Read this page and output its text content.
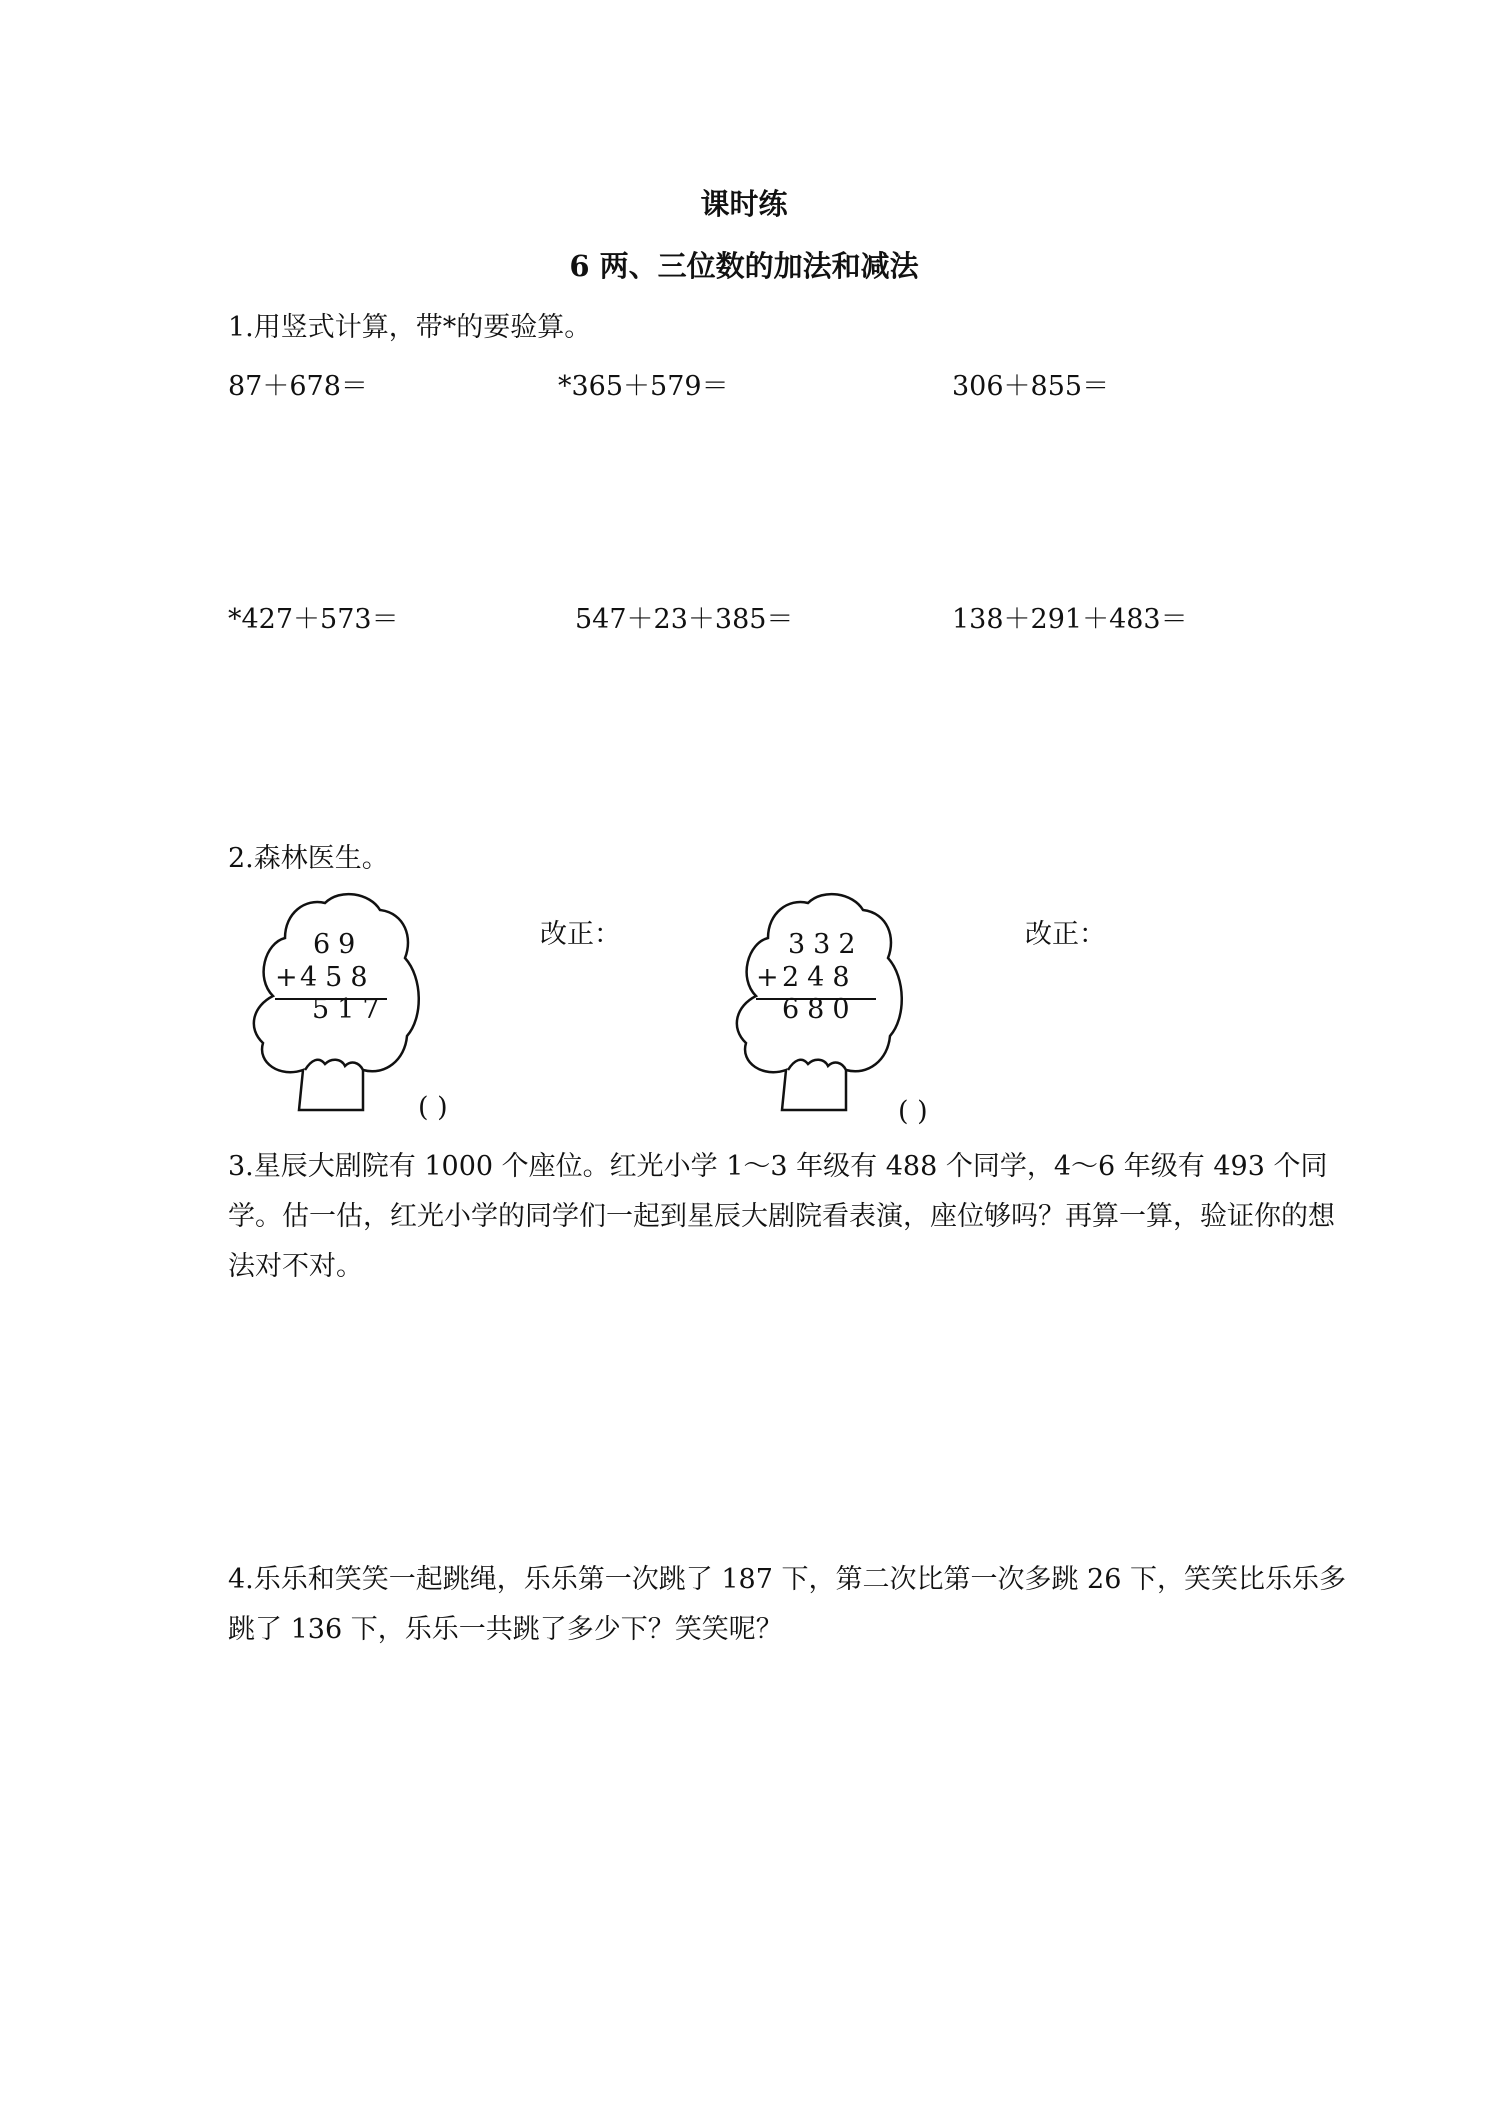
课时练
6 两、三位数的加法和减法
1.用竖式计算，带*的要验算。
87＋678＝	*365＋579＝	306＋855＝
*427＋573＝	547＋23＋385＝	138＋291＋483＝
2.森林医生。
69
+
458
517
( )
改正：	332
+
248
680
( )
改正：
3.星辰大剧院有 1000 个座位。红光小学 1～3 年级有 488 个同学，4～6 年级有 493 个同学。估一估，红光小学的同学们一起到星辰大剧院看表演，座位够吗？再算一算，验证你的想法对不对。
4.乐乐和笑笑一起跳绳，乐乐第一次跳了 187 下，第二次比第一次多跳 26 下，笑笑比乐乐多跳了 136 下，乐乐一共跳了多少下？笑笑呢？
